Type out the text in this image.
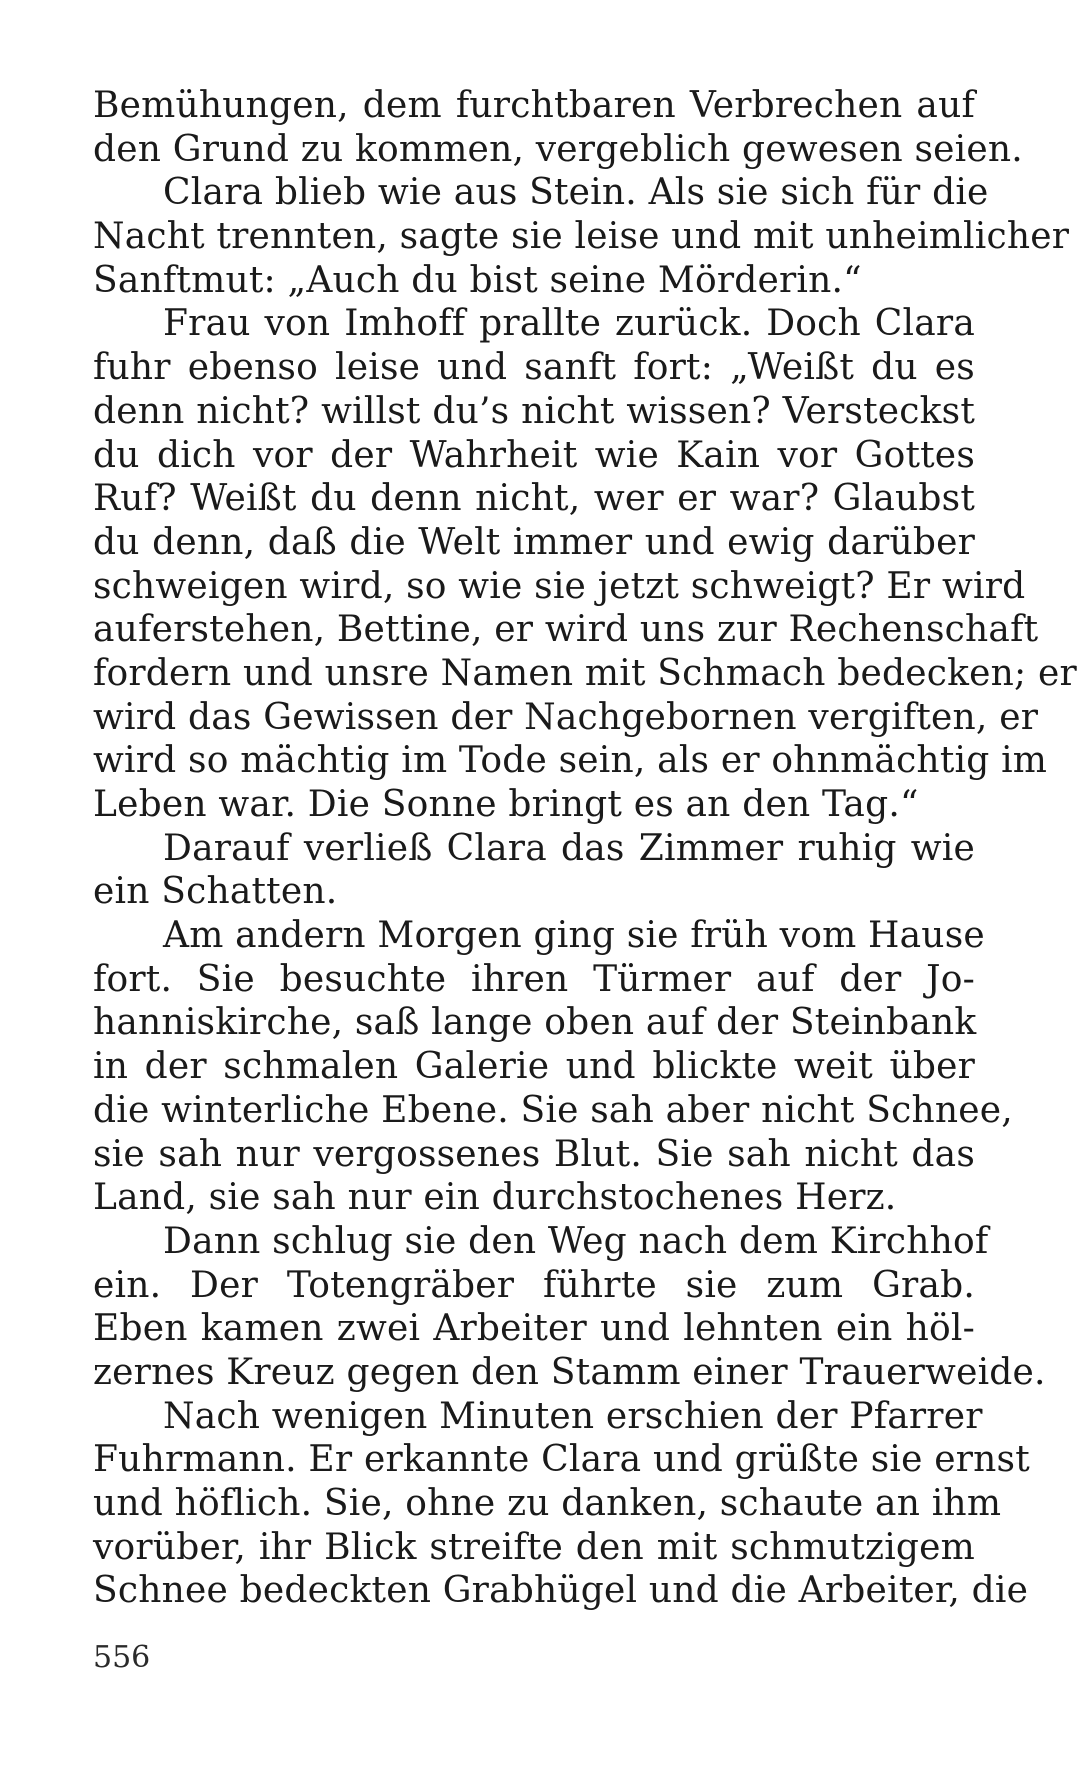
Bemühungen, dem furchtbaren Verbrechen auf
den Grund zu kommen, vergeblich gewesen seien.
Clara blieb wie aus Stein. Als sie sich für die
Nacht trennten, sagte sie leise und mit unheimlicher
Sanftmut: „Auch du bist seine Mörderin.“
Frau von Imhoff prallte zurück. Doch Clara
fuhr ebenso leise und sanft fort: „Weißt du es
denn nicht? willst du’s nicht wissen? Versteckst
du dich vor der Wahrheit wie Kain vor Gottes
Ruf? Weißt du denn nicht, wer er war? Glaubst
du denn, daß die Welt immer und ewig darüber
schweigen wird, so wie sie jetzt schweigt? Er wird
auferstehen, Bettine, er wird uns zur Rechenschaft
fordern und unsre Namen mit Schmach bedecken; er
wird das Gewissen der Nachgebornen vergiften, er
wird so mächtig im Tode sein, als er ohnmächtig im
Leben war. Die Sonne bringt es an den Tag.“
Darauf verließ Clara das Zimmer ruhig wie
ein Schatten.
Am andern Morgen ging sie früh vom Hause
fort. Sie besuchte ihren Türmer auf der Jo-
hanniskirche, saß lange oben auf der Steinbank
in der schmalen Galerie und blickte weit über
die winterliche Ebene. Sie sah aber nicht Schnee,
sie sah nur vergossenes Blut. Sie sah nicht das
Land, sie sah nur ein durchstochenes Herz.
Dann schlug sie den Weg nach dem Kirchhof
ein. Der Totengräber führte sie zum Grab.
Eben kamen zwei Arbeiter und lehnten ein höl-
zernes Kreuz gegen den Stamm einer Trauerweide.
Nach wenigen Minuten erschien der Pfarrer
Fuhrmann. Er erkannte Clara und grüßte sie ernst
und höflich. Sie, ohne zu danken, schaute an ihm
vorüber, ihr Blick streifte den mit schmutzigem
Schnee bedeckten Grabhügel und die Arbeiter, die
556
